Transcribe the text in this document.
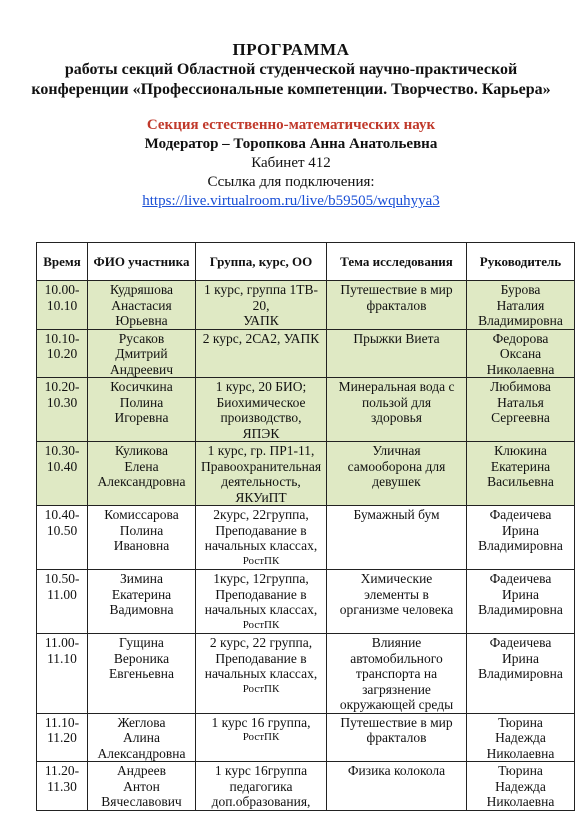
ПРОГРАММА
работы секций Областной студенческой научно-практической конференции «Профессиональные компетенции. Творчество. Карьера»
Секция естественно-математических наук
Модератор – Торопкова Анна Анатольевна
Кабинет 412
Ссылка для подключения:
https://live.virtualroom.ru/live/b59505/wquhyya3
Время	ФИО участника	Группа, курс, ОО	Тема исследования	Руководитель
10.00-
10.10	Кудряшова
Анастасия
Юрьевна	1 курс, группа 1ТВ-
20,
УАПК	Путешествие в мир
фракталов	Бурова
Наталия
Владимировна
10.10-
10.20	Русаков
Дмитрий
Андреевич	2 курс, 2СА2, УАПК	Прыжки Виета	Федорова
Оксана
Николаевна
10.20-
10.30	Косичкина
Полина
Игоревна	1 курс, 20 БИО;
Биохимическое
производство,
ЯПЭК	Минеральная вода с
пользой для
здоровья	Любимова
Наталья
Сергеевна
10.30-
10.40	Куликова
Елена
Александровна	1 курс, гр. ПР1-11,
Правоохранительная
деятельность,
ЯКУиПТ	Уличная
самооборона для
девушек	Клюкина
Екатерина
Васильевна
10.40-
10.50	Комиссарова
Полина
Ивановна	2курс, 22группа,
Преподавание в
начальных классах,
РостПК	Бумажный бум	Фадеичева
Ирина
Владимировна
10.50-
11.00	Зимина
Екатерина
Вадимовна	1курс, 12группа,
Преподавание в
начальных классах,
РостПК	Химические
элементы в
организме человека	Фадеичева
Ирина
Владимировна
11.00-
11.10	Гущина
Вероника
Евгеньевна	2 курс, 22 группа,
Преподавание в
начальных классах,
РостПК	Влияние
автомобильного
транспорта на
загрязнение
окружающей среды	Фадеичева
Ирина
Владимировна
11.10-
11.20	Жеглова
Алина
Александровна	1 курс 16 группа,
РостПК	Путешествие в мир
фракталов	Тюрина
Надежда
Николаевна
11.20-
11.30	Андреев
Антон
Вячеславович	1 курс 16группа
педагогика
доп.образования,	Физика колокола	Тюрина
Надежда
Николаевна
